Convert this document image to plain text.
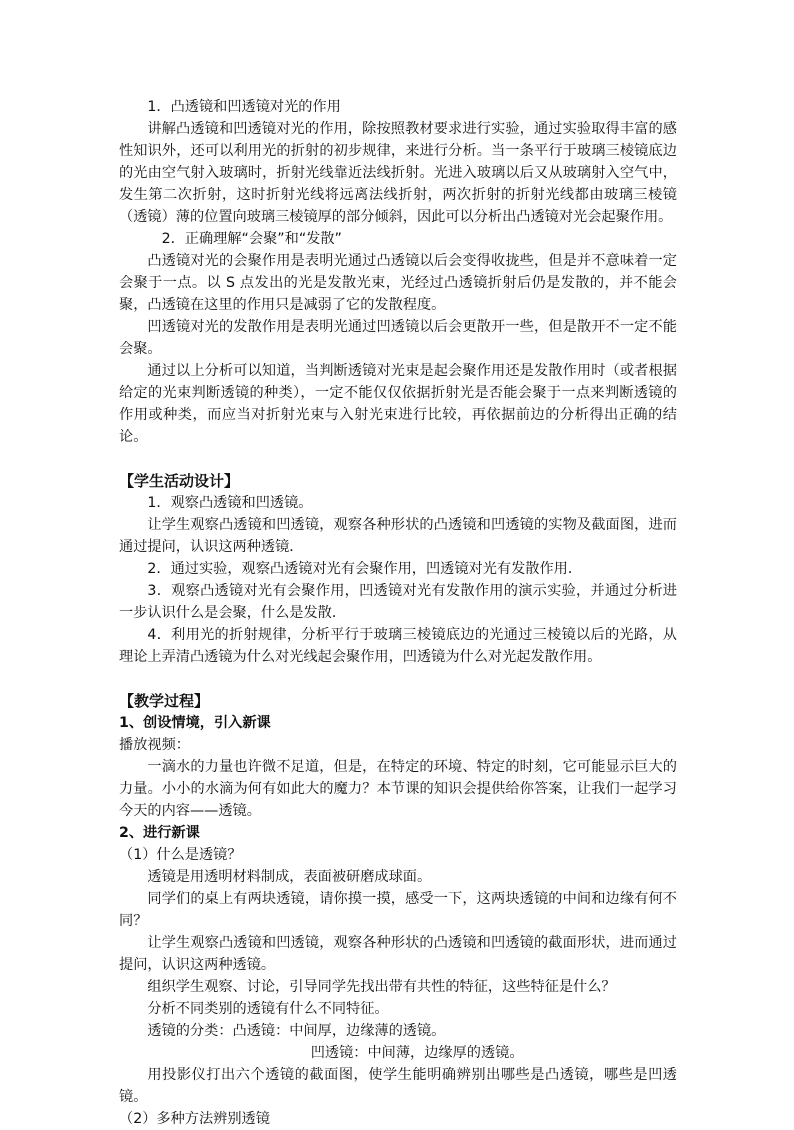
1．凸透镜和凹透镜对光的作用

讲解凸透镜和凹透镜对光的作用，除按照教材要求进行实验，通过实验取得丰富的感性知识外，还可以利用光的折射的初步规律，来进行分析。当一条平行于玻璃三棱镜底边的光由空气射入玻璃时，折射光线靠近法线折射。光进入玻璃以后又从玻璃射入空气中，发生第二次折射，这时折射光线将远离法线折射，两次折射的折射光线都由玻璃三棱镜（透镜）薄的位置向玻璃三棱镜厚的部分倾斜，因此可以分析出凸透镜对光会起聚作用。

2．正确理解“会聚”和“发散”

凸透镜对光的会聚作用是表明光通过凸透镜以后会变得收拢些，但是并不意味着一定会聚于一点。以 S 点发出的光是发散光束，光经过凸透镜折射后仍是发散的，并不能会聚，凸透镜在这里的作用只是减弱了它的发散程度。

凹透镜对光的发散作用是表明光通过凹透镜以后会更散开一些，但是散开不一定不能会聚。

通过以上分析可以知道，当判断透镜对光束是起会聚作用还是发散作用时（或者根据给定的光束判断透镜的种类），一定不能仅仅依据折射光是否能会聚于一点来判断透镜的作用或种类，而应当对折射光束与入射光束进行比较，再依据前边的分析得出正确的结论。

【学生活动设计】

1．观察凸透镜和凹透镜。

让学生观察凸透镜和凹透镜，观察各种形状的凸透镜和凹透镜的实物及截面图，进而通过提问，认识这两种透镜．

2．通过实验，观察凸透镜对光有会聚作用，凹透镜对光有发散作用．

3．观察凸透镜对光有会聚作用，凹透镜对光有发散作用的演示实验，并通过分析进一步认识什么是会聚，什么是发散．

4．利用光的折射规律，分析平行于玻璃三棱镜底边的光通过三棱镜以后的光路，从理论上弄清凸透镜为什么对光线起会聚作用，凹透镜为什么对光起发散作用。

【教学过程】

1、创设情境，引入新课

播放视频：

一滴水的力量也许微不足道，但是，在特定的环境、特定的时刻，它可能显示巨大的力量。小小的水滴为何有如此大的魔力？本节课的知识会提供给你答案，让我们一起学习今天的内容——透镜。

2、进行新课

（1）什么是透镜？

透镜是用透明材料制成，表面被研磨成球面。

同学们的桌上有两块透镜，请你摸一摸，感受一下，这两块透镜的中间和边缘有何不同？

让学生观察凸透镜和凹透镜，观察各种形状的凸透镜和凹透镜的截面形状，进而通过提问，认识这两种透镜。

组织学生观察、讨论，引导同学先找出带有共性的特征，这些特征是什么？

分析不同类别的透镜有什么不同特征。

透镜的分类：凸透镜：中间厚，边缘薄的透镜。

凹透镜：中间薄，边缘厚的透镜。

用投影仪打出六个透镜的截面图，使学生能明确辨别出哪些是凸透镜，哪些是凹透镜。

（2）多种方法辨别透镜
